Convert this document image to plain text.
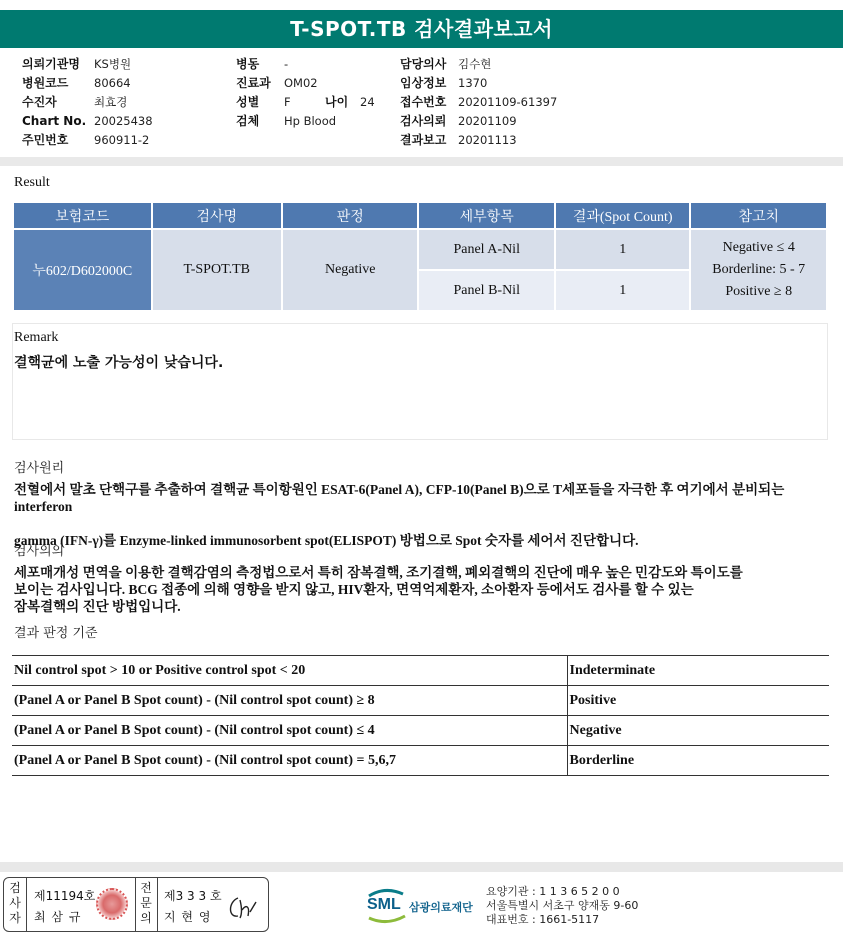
T-SPOT.TB 검사결과보고서
의뢰기관명 KS병원
병원코드 80664
수진자	최효경
Chart No. 20025438
주민번호 960911-2
병동 -
진료과 OM02
성별 F	나이 24
검체 Hp Blood
담당의사 김수현
임상정보 1370
접수번호 20201109-61397
검사의뢰 20201109
결과보고 20201113
Result
보험코드	검사명	판정	세부항목	결과(Spot Count)	참고치
누602/D602000C	T-SPOT.TB	Negative	Panel A-Nil	1	Negative ≤ 4
Borderline: 5 - 7
Positive ≥ 8

			Panel B-Nil	1	
Remark
결핵균에 노출 가능성이 낮습니다.
검사원리
전혈에서 말초 단핵구를 추출하여 결핵균 특이항원인 ESAT-6(Panel A), CFP-10(Panel B)으로 T세포들을 자극한 후 여기에서 분비되는 interferon
gamma (IFN-γ)를 Enzyme-linked immunosorbent spot(ELISPOT) 방법으로 Spot 숫자를 세어서 진단합니다.
검사의의
세포매개성 면역을 이용한 결핵감염의 측정법으로서 특히 잠복결핵, 조기결핵, 폐외결핵의 진단에 매우 높은 민감도와 특이도를
보이는 검사입니다. BCG 접종에 의해 영향을 받지 않고, HIV환자, 면역억제환자, 소아환자 등에서도 검사를 할 수 있는
잠복결핵의 진단 방법입니다.
결과 판정 기준
Nil control spot > 10 or Positive control spot < 20	Indeterminate
(Panel A or Panel B Spot count) - (Nil control spot count) ≥ 8	Positive
(Panel A or Panel B Spot count) - (Nil control spot count) ≤ 4	Negative
(Panel A or Panel B Spot count) - (Nil control spot count) = 5,6,7	Borderline
검
사
자
제11194호
최 삼 규
전
문
의
제3 3 3 호
지 현 영
SML 삼광의료재단
요양기관 : 1 1 3 6 5 2 0 0
서울특별시 서초구 양재동 9-60
대표번호 : 1661-5117
